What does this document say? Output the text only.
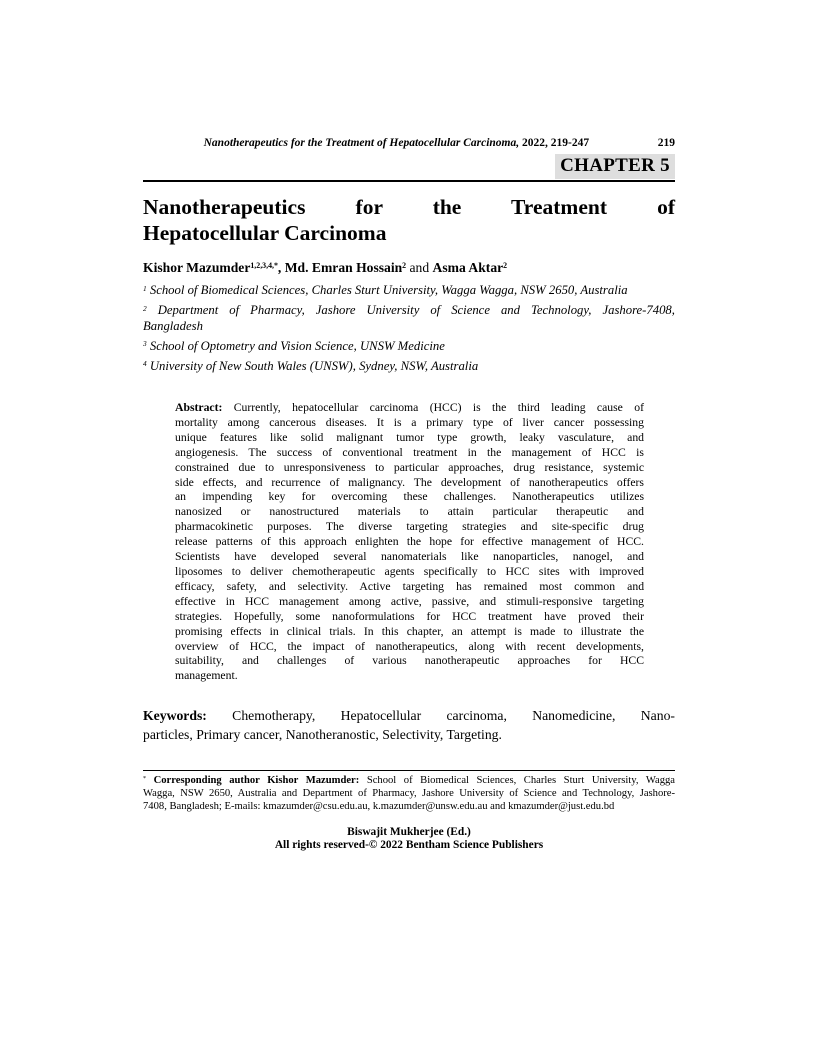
Nanotherapeutics for the Treatment of Hepatocellular Carcinoma, 2022, 219-247	219
CHAPTER 5
Nanotherapeutics for the Treatment of
Hepatocellular Carcinoma
Kishor Mazumder$^{1,2,3,4,*}$, Md. Emran Hossain$^2$ and Asma Aktar$^2$
$^1$ School of Biomedical Sciences, Charles Sturt University, Wagga Wagga, NSW 2650, Australia
$^2$ Department of Pharmacy, Jashore University of Science and Technology, Jashore-7408,
Bangladesh
$^3$ School of Optometry and Vision Science, UNSW Medicine
$^4$ University of New South Wales (UNSW), Sydney, NSW, Australia
Abstract: Currently, hepatocellular carcinoma (HCC) is the third leading cause of
mortality among cancerous diseases. It is a primary type of liver cancer possessing
unique features like solid malignant tumor type growth, leaky vasculature, and
angiogenesis. The success of conventional treatment in the management of HCC is
constrained due to unresponsiveness to particular approaches, drug resistance, systemic
side effects, and recurrence of malignancy. The development of nanotherapeutics offers
an impending key for overcoming these challenges. Nanotherapeutics utilizes
nanosized or nanostructured materials to attain particular therapeutic and
pharmacokinetic purposes. The diverse targeting strategies and site-specific drug
release patterns of this approach enlighten the hope for effective management of HCC.
Scientists have developed several nanomaterials like nanoparticles, nanogel, and
liposomes to deliver chemotherapeutic agents specifically to HCC sites with improved
efficacy, safety, and selectivity. Active targeting has remained most common and
effective in HCC management among active, passive, and stimuli-responsive targeting
strategies. Hopefully, some nanoformulations for HCC treatment have proved their
promising effects in clinical trials. In this chapter, an attempt is made to illustrate the
overview of HCC, the impact of nanotherapeutics, along with recent developments,
suitability, and challenges of various nanotherapeutic approaches for HCC
management.
Keywords: Chemotherapy, Hepatocellular carcinoma, Nanomedicine, Nano-
particles, Primary cancer, Nanotheranostic, Selectivity, Targeting.
* Corresponding author Kishor Mazumder: School of Biomedical Sciences, Charles Sturt University, Wagga
Wagga, NSW 2650, Australia and Department of Pharmacy, Jashore University of Science and Technology, Jashore-
7408, Bangladesh; E-mails: kmazumder@csu.edu.au, k.mazumder@unsw.edu.au and kmazumder@just.edu.bd
Biswajit Mukherjee (Ed.)
All rights reserved-© 2022 Bentham Science Publishers
